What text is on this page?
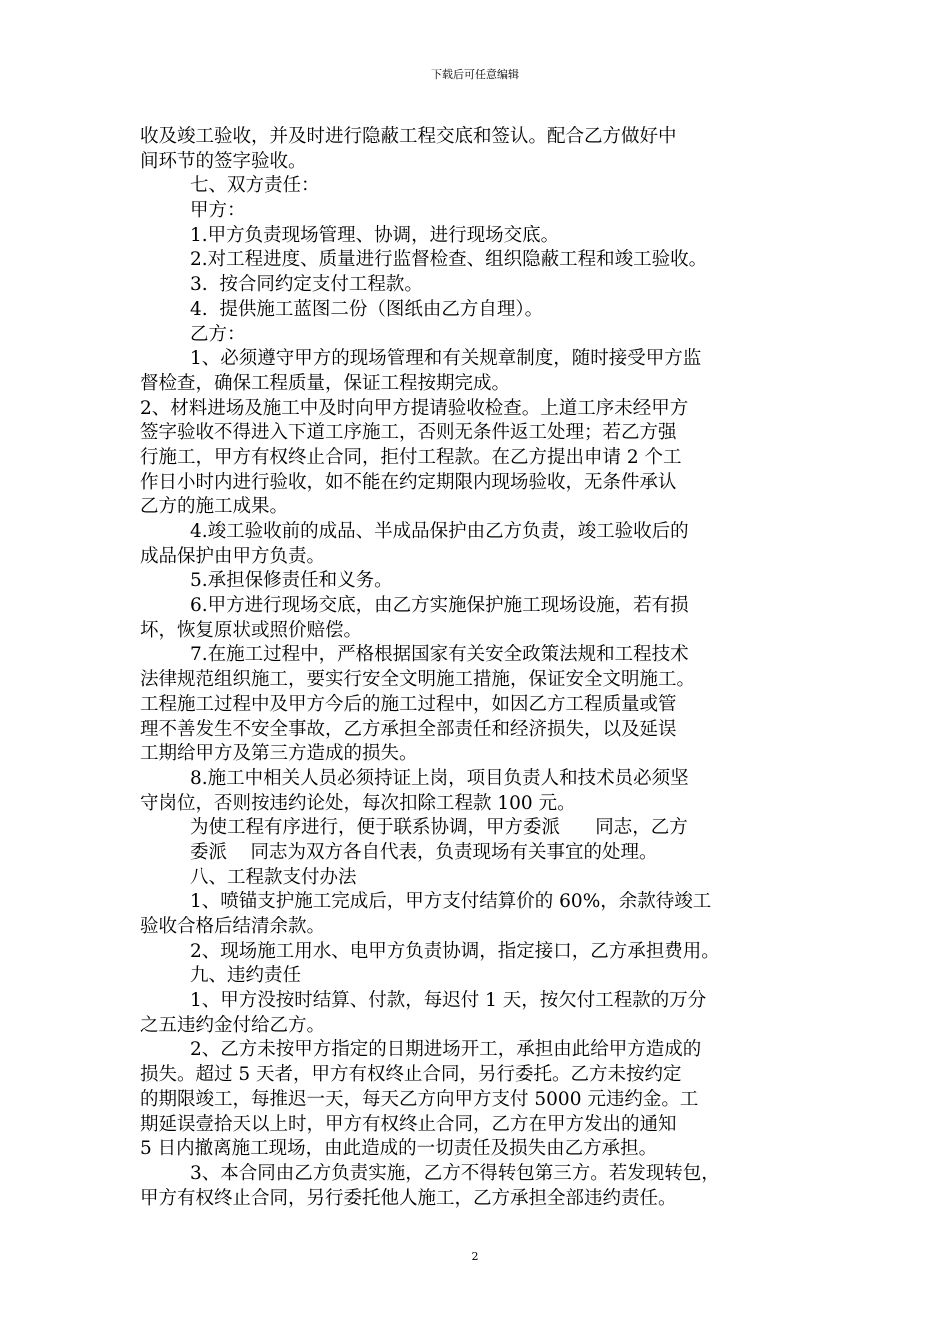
下载后可任意编辑
收及竣工验收，并及时进行隐蔽工程交底和签认。配合乙方做好中
间环节的签字验收。
七、双方责任：
甲方：
1.甲方负责现场管理、协调，进行现场交底。
2.对工程进度、质量进行监督检查、组织隐蔽工程和竣工验收。
3.  按合同约定支付工程款。
4.  提供施工蓝图二份（图纸由乙方自理）。
乙方：
1、必须遵守甲方的现场管理和有关规章制度，随时接受甲方监
督检查，确保工程质量，保证工程按期完成。
2、材料进场及施工中及时向甲方提请验收检查。上道工序未经甲方
签字验收不得进入下道工序施工，否则无条件返工处理；若乙方强
行施工，甲方有权终止合同，拒付工程款。在乙方提出申请 2 个工
作日小时内进行验收，如不能在约定期限内现场验收，无条件承认
乙方的施工成果。
4.竣工验收前的成品、半成品保护由乙方负责，竣工验收后的
成品保护由甲方负责。
5.承担保修责任和义务。
6.甲方进行现场交底，由乙方实施保护施工现场设施，若有损
坏，恢复原状或照价赔偿。
7.在施工过程中，严格根据国家有关安全政策法规和工程技术
法律规范组织施工，要实行安全文明施工措施，保证安全文明施工。
工程施工过程中及甲方今后的施工过程中，如因乙方工程质量或管
理不善发生不安全事故，乙方承担全部责任和经济损失，以及延误
工期给甲方及第三方造成的损失。
8.施工中相关人员必须持证上岗，项目负责人和技术员必须坚
守岗位，否则按违约论处，每次扣除工程款 100 元。
为使工程有序进行，便于联系协调，甲方委派      同志，乙方
委派    同志为双方各自代表，负责现场有关事宜的处理。
八、工程款支付办法
1、喷锚支护施工完成后，甲方支付结算价的 60%，余款待竣工
验收合格后结清余款。
2、现场施工用水、电甲方负责协调，指定接口，乙方承担费用。
九、违约责任
1、甲方没按时结算、付款，每迟付 1 天，按欠付工程款的万分
之五违约金付给乙方。
2、乙方未按甲方指定的日期进场开工，承担由此给甲方造成的
损失。超过 5 天者，甲方有权终止合同，另行委托。乙方未按约定
的期限竣工，每推迟一天，每天乙方向甲方支付 5000 元违约金。工
期延误壹拾天以上时，甲方有权终止合同，乙方在甲方发出的通知
5 日内撤离施工现场，由此造成的一切责任及损失由乙方承担。
3、本合同由乙方负责实施，乙方不得转包第三方。若发现转包，
甲方有权终止合同，另行委托他人施工，乙方承担全部违约责任。
2
